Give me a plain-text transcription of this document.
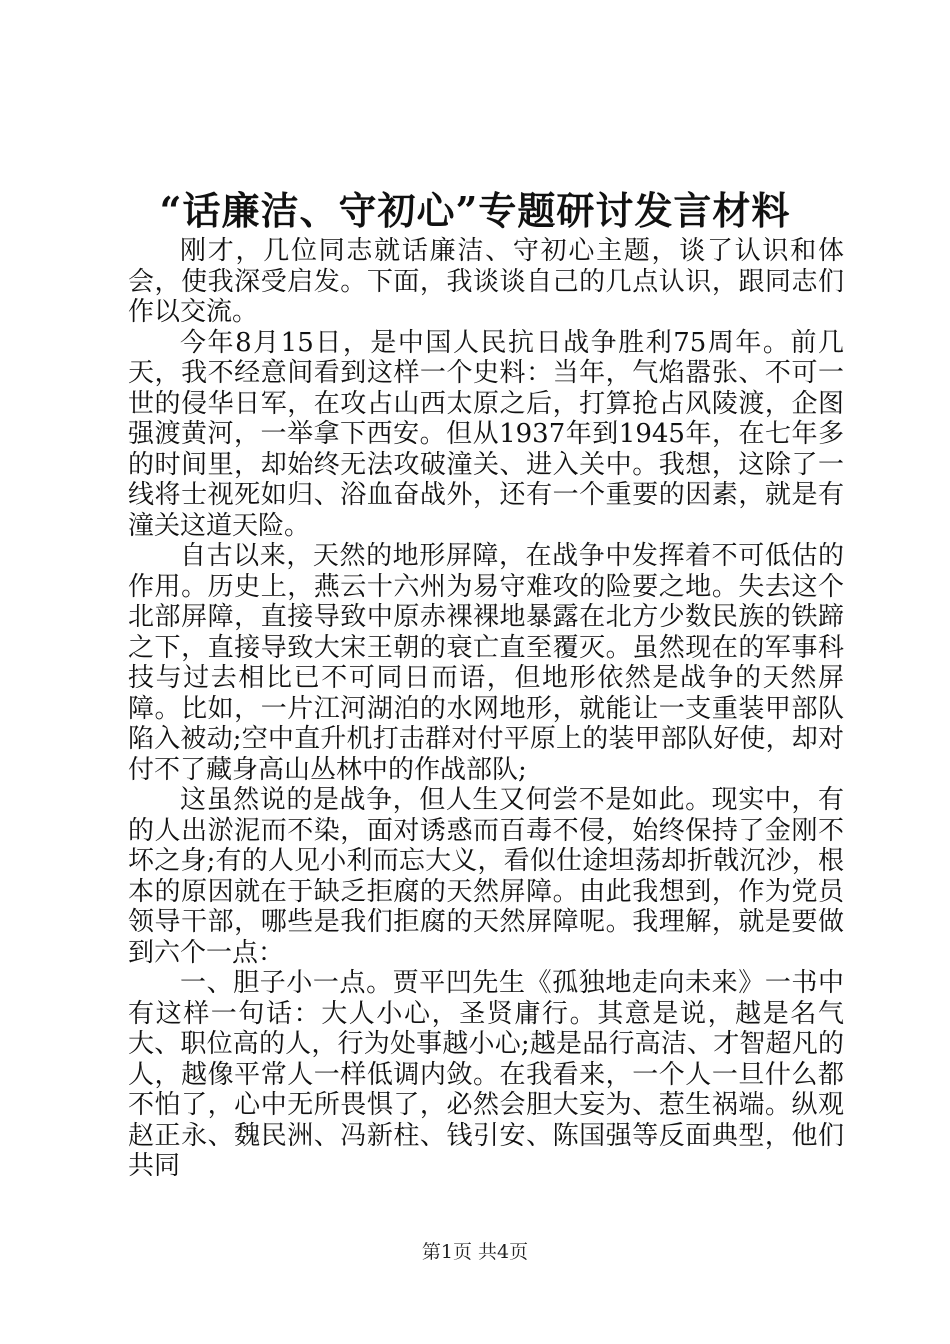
“话廉洁、守初心”专题研讨发言材料

刚才，几位同志就话廉洁、守初心主题，谈了认识和体会，使我深受启发。下面，我谈谈自己的几点认识，跟同志们作以交流。

今年8月15日，是中国人民抗日战争胜利75周年。前几天，我不经意间看到这样一个史料：当年，气焰嚣张、不可一世的侵华日军，在攻占山西太原之后，打算抢占风陵渡，企图强渡黄河，一举拿下西安。但从1937年到1945年，在七年多的时间里，却始终无法攻破潼关、进入关中。我想，这除了一线将士视死如归、浴血奋战外，还有一个重要的因素，就是有潼关这道天险。

自古以来，天然的地形屏障，在战争中发挥着不可低估的作用。历史上，燕云十六州为易守难攻的险要之地。失去这个北部屏障，直接导致中原赤裸裸地暴露在北方少数民族的铁蹄之下，直接导致大宋王朝的衰亡直至覆灭。虽然现在的军事科技与过去相比已不可同日而语，但地形依然是战争的天然屏障。比如，一片江河湖泊的水网地形，就能让一支重装甲部队陷入被动;空中直升机打击群对付平原上的装甲部队好使，却对付不了藏身高山丛林中的作战部队;

这虽然说的是战争，但人生又何尝不是如此。现实中，有的人出淤泥而不染，面对诱惑而百毒不侵，始终保持了金刚不坏之身;有的人见小利而忘大义，看似仕途坦荡却折戟沉沙，根本的原因就在于缺乏拒腐的天然屏障。由此我想到，作为党员领导干部，哪些是我们拒腐的天然屏障呢。我理解，就是要做到六个一点：

一、胆子小一点。贾平凹先生《孤独地走向未来》一书中有这样一句话：大人小心，圣贤庸行。其意是说，越是名气大、职位高的人，行为处事越小心;越是品行高洁、才智超凡的人，越像平常人一样低调内敛。在我看来，一个人一旦什么都不怕了，心中无所畏惧了，必然会胆大妄为、惹生祸端。纵观赵正永、魏民洲、冯新柱、钱引安、陈国强等反面典型，他们共同

第1页 共4页
